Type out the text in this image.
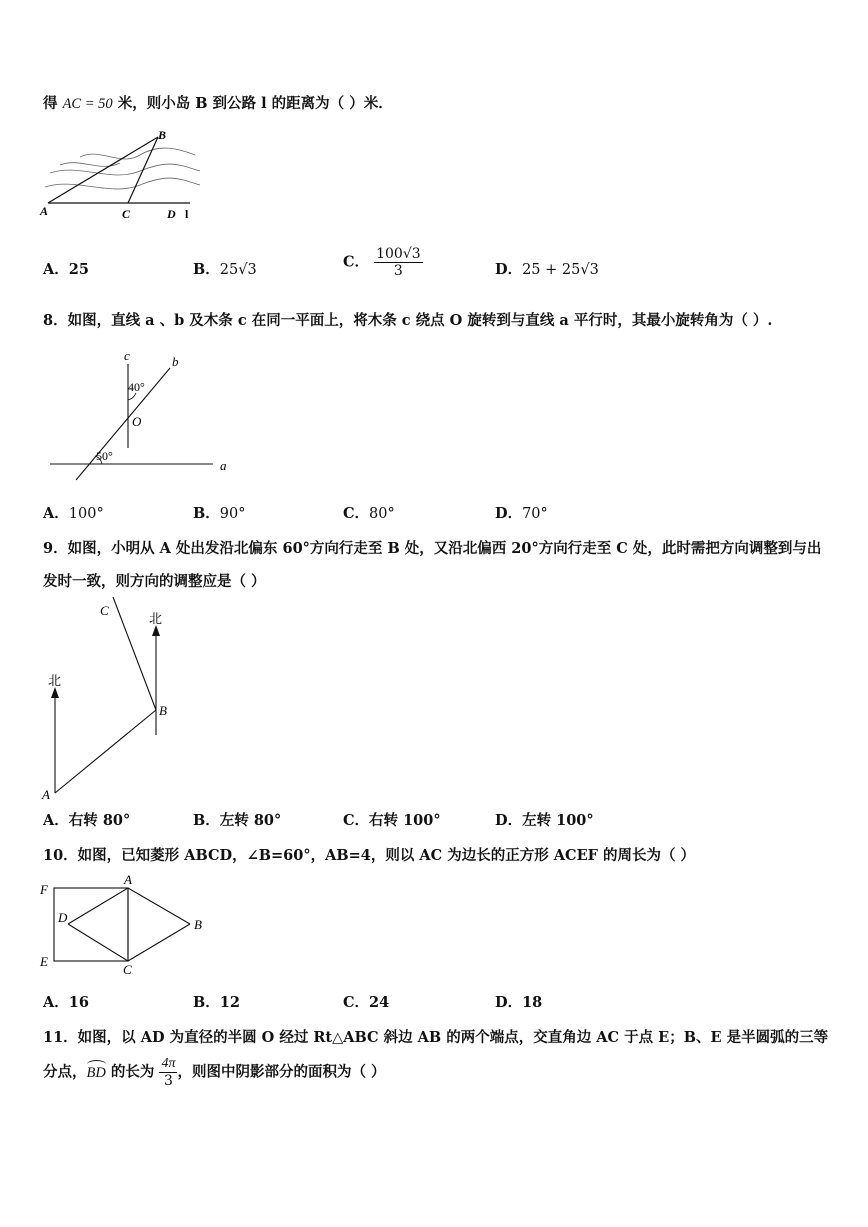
得 AC = 50 米，则小岛 B 到公路 l 的距离为（ ）米．
A
B
C	D l
A．25	B．25√3	C． $\frac{100√3}{3}$	D．25 + 25√3
8．如图，直线 a 、b 及木条 c 在同一平面上，将木条 c 绕点 O 旋转到与直线 a 平行时，其最小旋转角为（ ）.
c	b
a
O
40°
50°
A．100°	B．90°	C．80°	D．70°
9．如图，小明从 A 处出发沿北偏东 60°方向行走至 B 处，又沿北偏西 20°方向行走至 C 处，此时需把方向调整到与出
发时一致，则方向的调整应是（ ）
A
B
C
北
北
A．右转 80°	B．左转 80°	C．右转 100°	D．左转 100°
10．如图，已知菱形 ABCD，∠B=60°，AB=4，则以 AC 为边长的正方形 ACEF 的周长为（ ）
F
A
B
D
E
C
A．16	B．12	C．24	D．18
11．如图，以 AD 为直径的半圆 O 经过 Rt△ABC 斜边 AB 的两个端点，交直角边 AC 于点 E；B、E 是半圆弧的三等
分点，BD 的长为 $\frac{4\pi}{3}$ ，则图中阴影部分的面积为（ ）
